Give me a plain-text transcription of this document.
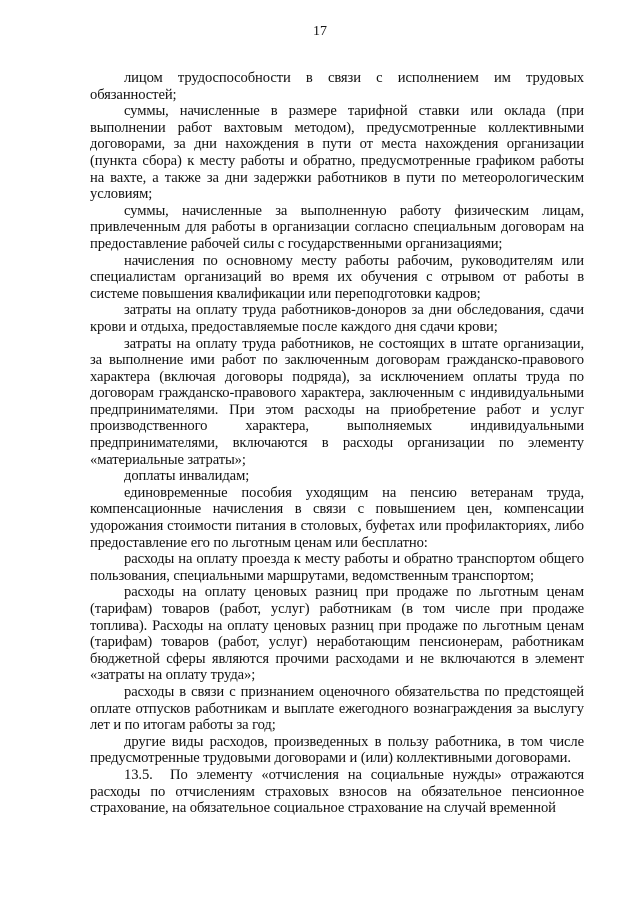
17

лицом трудоспособности в связи с исполнением им трудовых обязанностей;

суммы, начисленные в размере тарифной ставки или оклада (при выполнении работ вахтовым методом), предусмотренные коллективными договорами, за дни нахождения в пути от места нахождения организации (пункта сбора) к месту работы и обратно, предусмотренные графиком работы на вахте, а также за дни задержки работников в пути по метеорологическим условиям;

суммы, начисленные за выполненную работу физическим лицам, привлеченным для работы в организации согласно специальным договорам на предоставление рабочей силы с государственными организациями;

начисления по основному месту работы рабочим, руководителям или специалистам организаций во время их обучения с отрывом от работы в системе повышения квалификации или переподготовки кадров;

затраты на оплату труда работников-доноров за дни обследования, сдачи крови и отдыха, предоставляемые после каждого дня сдачи крови;

затраты на оплату труда работников, не состоящих в штате организации, за выполнение ими работ по заключенным договорам гражданско-правового характера (включая договоры подряда), за исключением оплаты труда по договорам гражданско-правового характера, заключенным с индивидуальными предпринимателями. При этом расходы на приобретение работ и услуг производственного характера, выполняемых индивидуальными предпринимателями, включаются в расходы организации по элементу «материальные затраты»;

доплаты инвалидам;

единовременные пособия уходящим на пенсию ветеранам труда, компенсационные начисления в связи с повышением цен, компенсации удорожания стоимости питания в столовых, буфетах или профилакториях, либо предоставление его по льготным ценам или бесплатно:

расходы на оплату проезда к месту работы и обратно транспортом общего пользования, специальными маршрутами, ведомственным транспортом;

расходы на оплату ценовых разниц при продаже по льготным ценам (тарифам) товаров (работ, услуг) работникам (в том числе при продаже топлива). Расходы на оплату ценовых разниц при продаже по льготным ценам (тарифам) товаров (работ, услуг) неработающим пенсионерам, работникам бюджетной сферы являются прочими расходами и не включаются в элемент «затраты на оплату труда»;

расходы в связи с признанием оценочного обязательства по предстоящей оплате отпусков работникам и выплате ежегодного вознаграждения за выслугу лет и по итогам работы за год;

другие виды расходов, произведенных в пользу работника, в том числе предусмотренные трудовыми договорами и (или) коллективными договорами.

13.5. По элементу «отчисления на социальные нужды» отражаются расходы по отчислениям страховых взносов на обязательное пенсионное страхование, на обязательное социальное страхование на случай временной
